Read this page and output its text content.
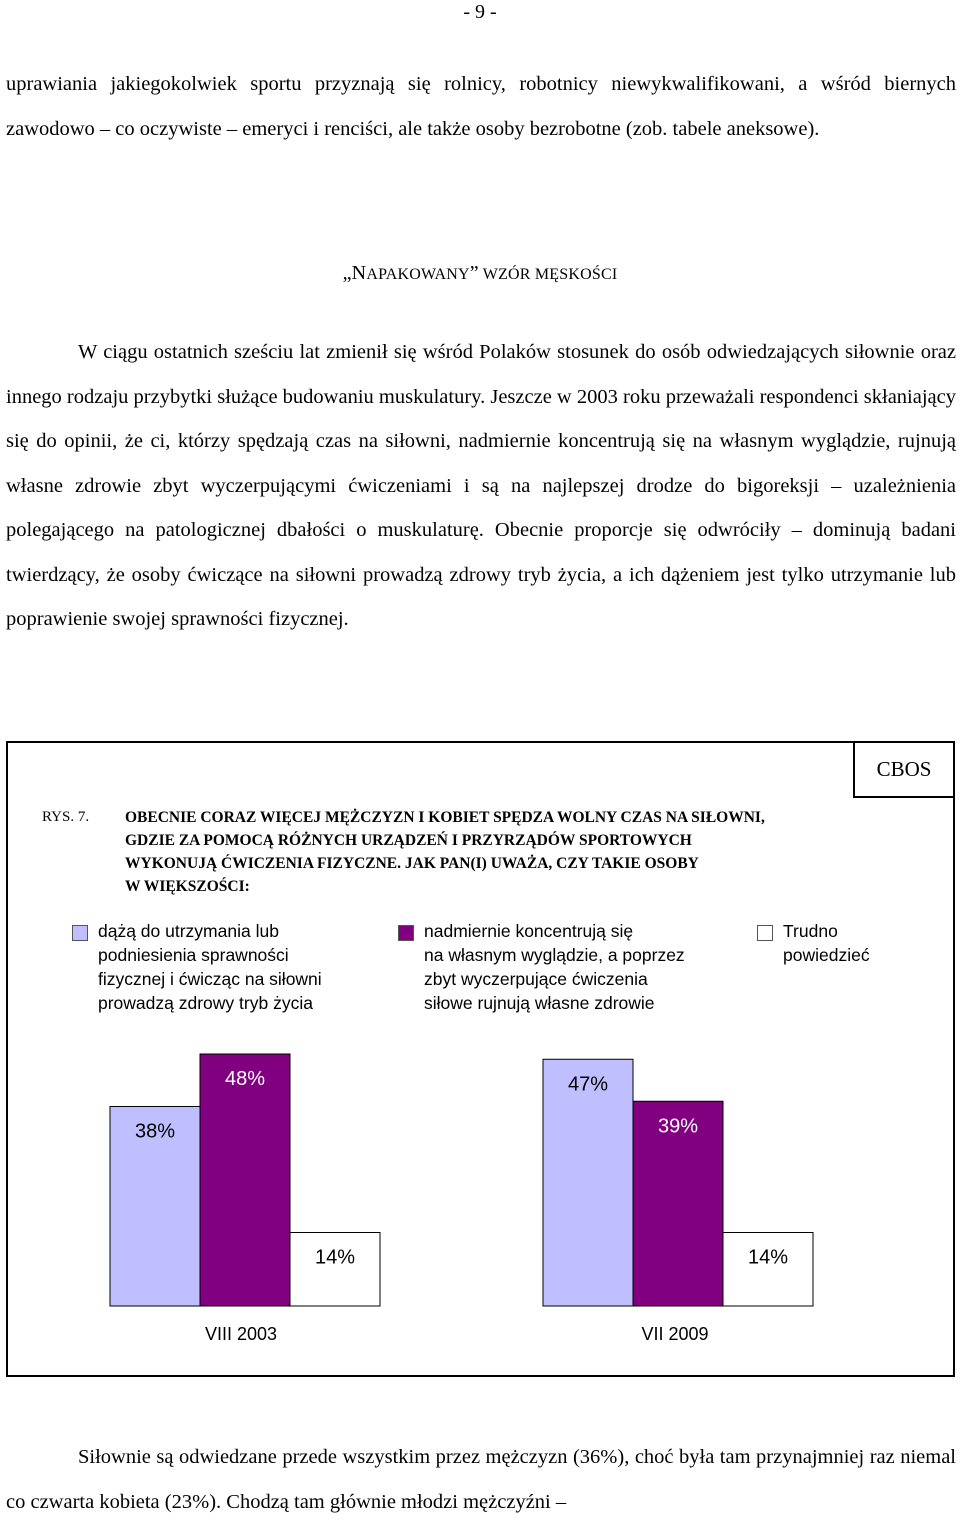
- 9 -

uprawiania jakiegokolwiek sportu przyznają się rolnicy, robotnicy niewykwalifikowani, a wśród biernych zawodowo – co oczywiste – emeryci i renciści, ale także osoby bezrobotne (zob. tabele aneksowe).

„NAPAKOWANY” WZÓR MĘSKOŚCI

W ciągu ostatnich sześciu lat zmienił się wśród Polaków stosunek do osób odwiedzających siłownie oraz innego rodzaju przybytki służące budowaniu muskulatury. Jeszcze w 2003 roku przeważali respondenci skłaniający się do opinii, że ci, którzy spędzają czas na siłowni, nadmiernie koncentrują się na własnym wyglądzie, rujnują własne zdrowie zbyt wyczerpującymi ćwiczeniami i są na najlepszej drodze do bigoreksji – uzależnienia polegającego na patologicznej dbałości o muskulaturę. Obecnie proporcje się odwróciły – dominują badani twierdzący, że osoby ćwiczące na siłowni prowadzą zdrowy tryb życia, a ich dążeniem jest tylko utrzymanie lub poprawienie swojej sprawności fizycznej.

CBOS
RYS. 7. OBECNIE CORAZ WIĘCEJ MĘŻCZYZN I KOBIET SPĘDZA WOLNY CZAS NA SIŁOWNI,
GDZIE ZA POMOCĄ RÓŻNYCH URZĄDZEŃ I PRZYRZĄDÓW SPORTOWYCH
WYKONUJĄ ĆWICZENIA FIZYCZNE. JAK PAN(I) UWAŻA, CZY TAKIE OSOBY
W WIĘKSZOŚCI:
dążą do utrzymania lub
podniesienia sprawności
fizycznej i ćwicząc na siłowni
prowadzą zdrowy tryb życia
nadmiernie koncentrują się
na własnym wyglądzie, a poprzez
zbyt wyczerpujące ćwiczenia
siłowe rujnują własne zdrowie
Trudno
powiedzieć
38%
48%
14%
VIII 2003
47%
39%
14%
VII 2009

Siłownie są odwiedzane przede wszystkim przez mężczyzn (36%), choć była tam przynajmniej raz niemal co czwarta kobieta (23%). Chodzą tam głównie młodzi mężczyźni –
